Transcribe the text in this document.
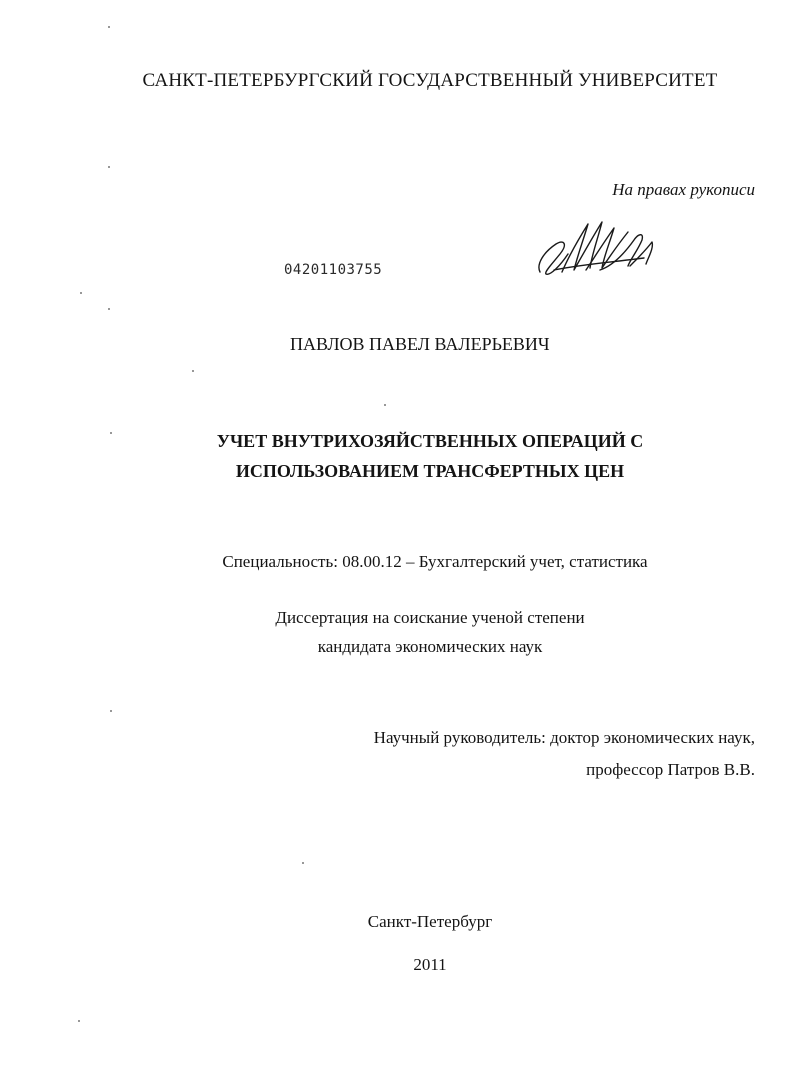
САНКТ-ПЕТЕРБУРГСКИЙ ГОСУДАРСТВЕННЫЙ УНИВЕРСИТЕТ
На правах рукописи
04201103755
ПАВЛОВ ПАВЕЛ ВАЛЕРЬЕВИЧ
УЧЕТ ВНУТРИХОЗЯЙСТВЕННЫХ ОПЕРАЦИЙ С
ИСПОЛЬЗОВАНИЕМ ТРАНСФЕРТНЫХ ЦЕН
Специальность: 08.00.12 – Бухгалтерский учет, статистика
Диссертация на соискание ученой степени
кандидата экономических наук
Научный руководитель: доктор экономических наук,
профессор Патров В.В.
Санкт-Петербург
2011
